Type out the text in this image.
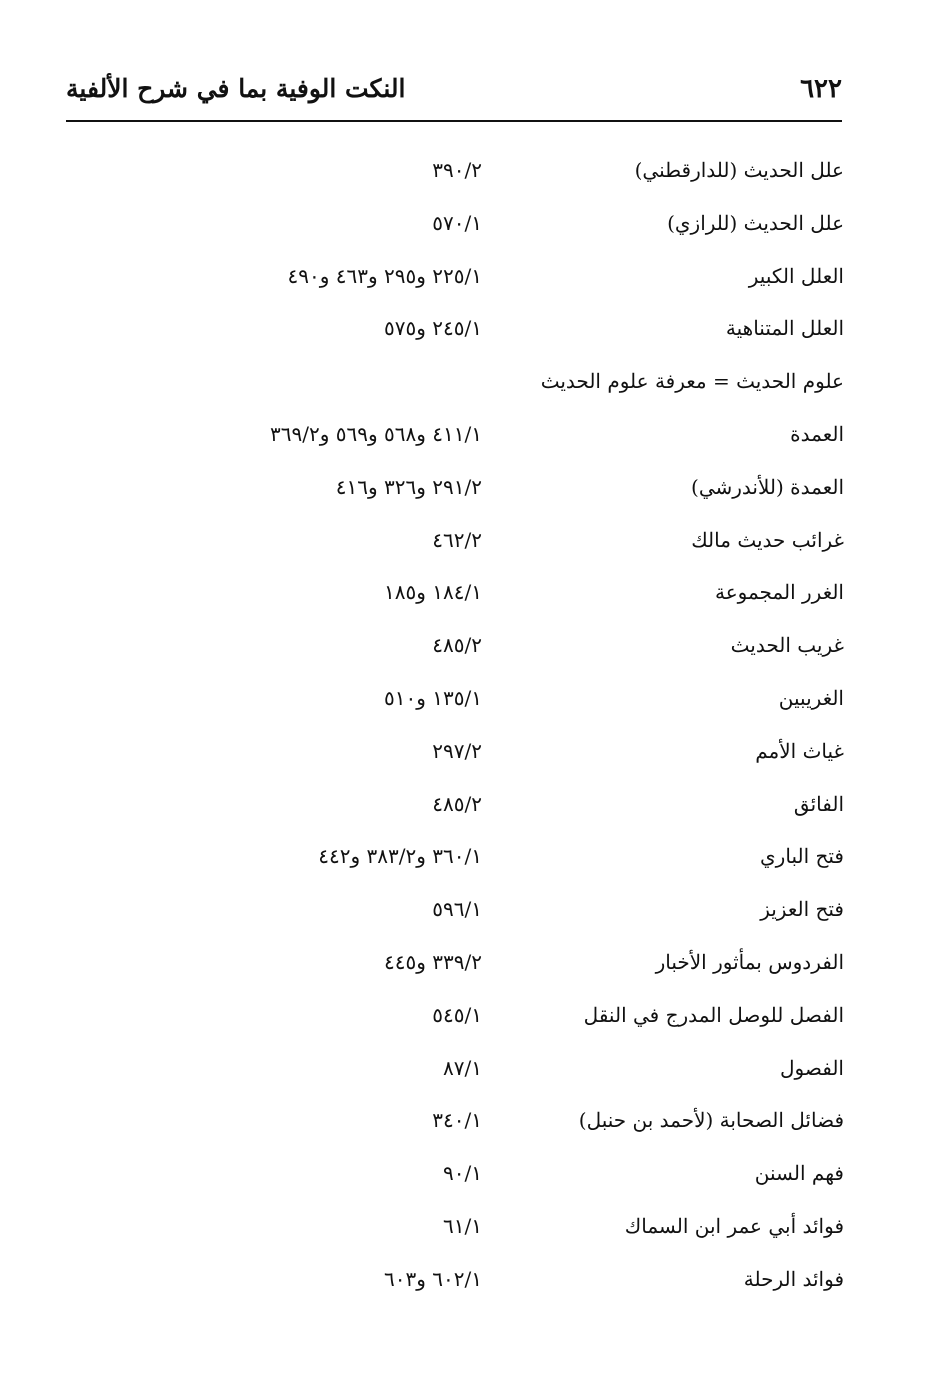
٦٢٢
النكت الوفية بما في شرح الألفية
علل الحديث (للدارقطني)
٣٩٠/٢
علل الحديث (للرازي)
٥٧٠/١
العلل الكبير
٢٢٥/١ و٢٩٥ و٤٦٣ و٤٩٠
العلل المتناهية
٢٤٥/١ و٥٧٥
علوم الحديث = معرفة علوم الحديث
العمدة
٤١١/١ و٥٦٨ و٥٦٩ و٣٦٩/٢
العمدة (للأندرشي)
٢٩١/٢ و٣٢٦ و٤١٦
غرائب حديث مالك
٤٦٢/٢
الغرر المجموعة
١٨٤/١ و١٨٥
غريب الحديث
٤٨٥/٢
الغريبين
١٣٥/١ و٥١٠
غياث الأمم
٢٩٧/٢
الفائق
٤٨٥/٢
فتح الباري
٣٦٠/١ و٣٨٣/٢ و٤٤٢
فتح العزيز
٥٩٦/١
الفردوس بمأثور الأخبار
٣٣٩/٢ و٤٤٥
الفصل للوصل المدرج في النقل
٥٤٥/١
الفصول
٨٧/١
فضائل الصحابة (لأحمد بن حنبل)
٣٤٠/١
فهم السنن
٩٠/١
فوائد أبي عمر ابن السماك
٦١/١
فوائد الرحلة
٦٠٢/١ و٦٠٣
